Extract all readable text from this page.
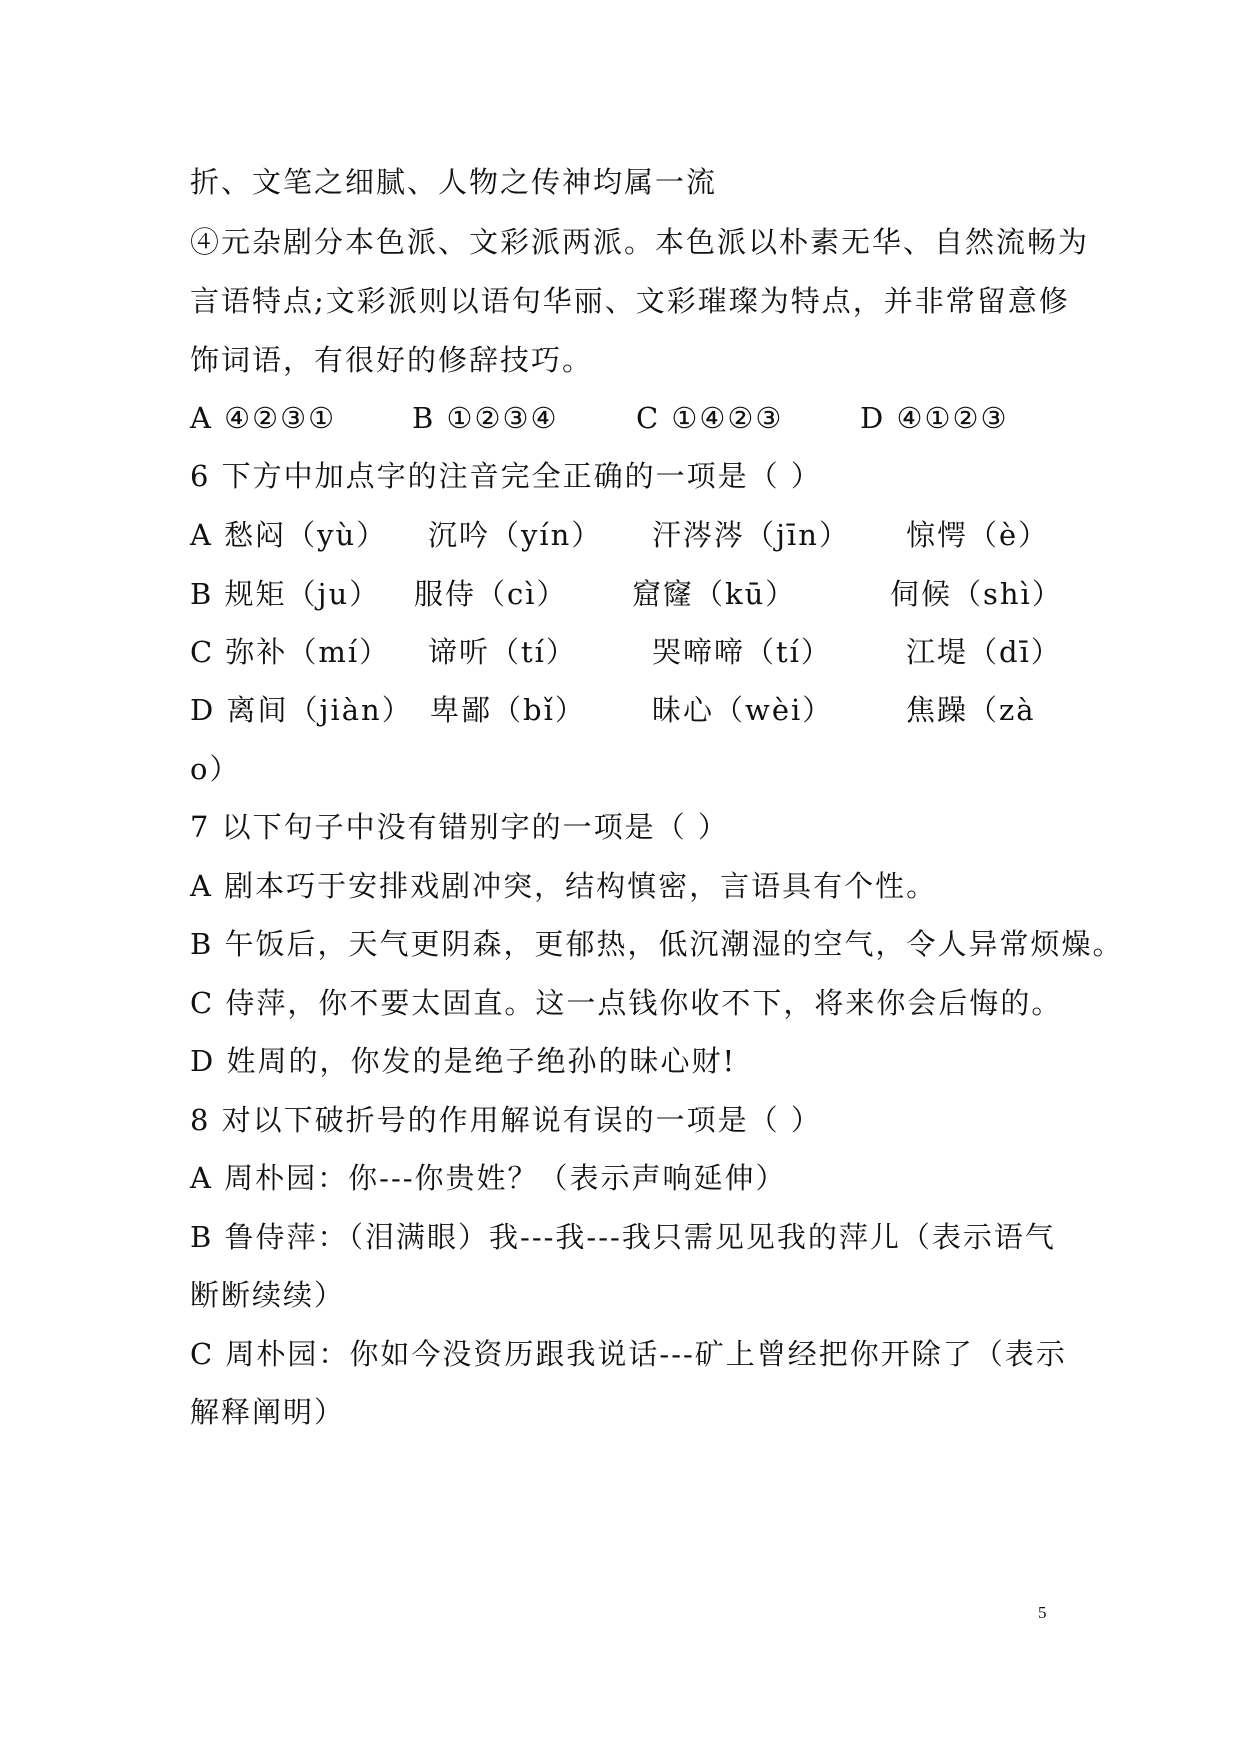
折、文笔之细腻、人物之传神均属一流
④元杂剧分本色派、文彩派两派。本色派以朴素无华、自然流畅为
言语特点;文彩派则以语句华丽、文彩璀璨为特点，并非常留意修
饰词语，有很好的修辞技巧。
A ④②③①	B ①②③④	C ①④②③	D ④①②③
6 下方中加点字的注音完全正确的一项是（ ）
A 愁闷（yù） 沉吟（yín） 汗涔涔（jīn） 惊愕（è）
B 规矩（ju） 服侍（cì） 窟窿（kū）	伺候（shì）
C 弥补（mí） 谛听（tí）	哭啼啼（tí）	江堤（dī）
D 离间（jiàn） 卑鄙（bǐ） 昧心（wèi）	焦躁（zà
o）
7 以下句子中没有错别字的一项是（ ）
A 剧本巧于安排戏剧冲突，结构慎密，言语具有个性。
B 午饭后，天气更阴森，更郁热，低沉潮湿的空气，令人异常烦燥。
C 侍萍，你不要太固直。这一点钱你收不下，将来你会后悔的。
D 姓周的，你发的是绝子绝孙的昧心财!
8 对以下破折号的作用解说有误的一项是（ ）
A 周朴园：你---你贵姓？（表示声响延伸）
B 鲁侍萍：（泪满眼）我---我---我只需见见我的萍儿（表示语气
断断续续）
C 周朴园：你如今没资历跟我说话---矿上曾经把你开除了（表示
解释阐明）
5
